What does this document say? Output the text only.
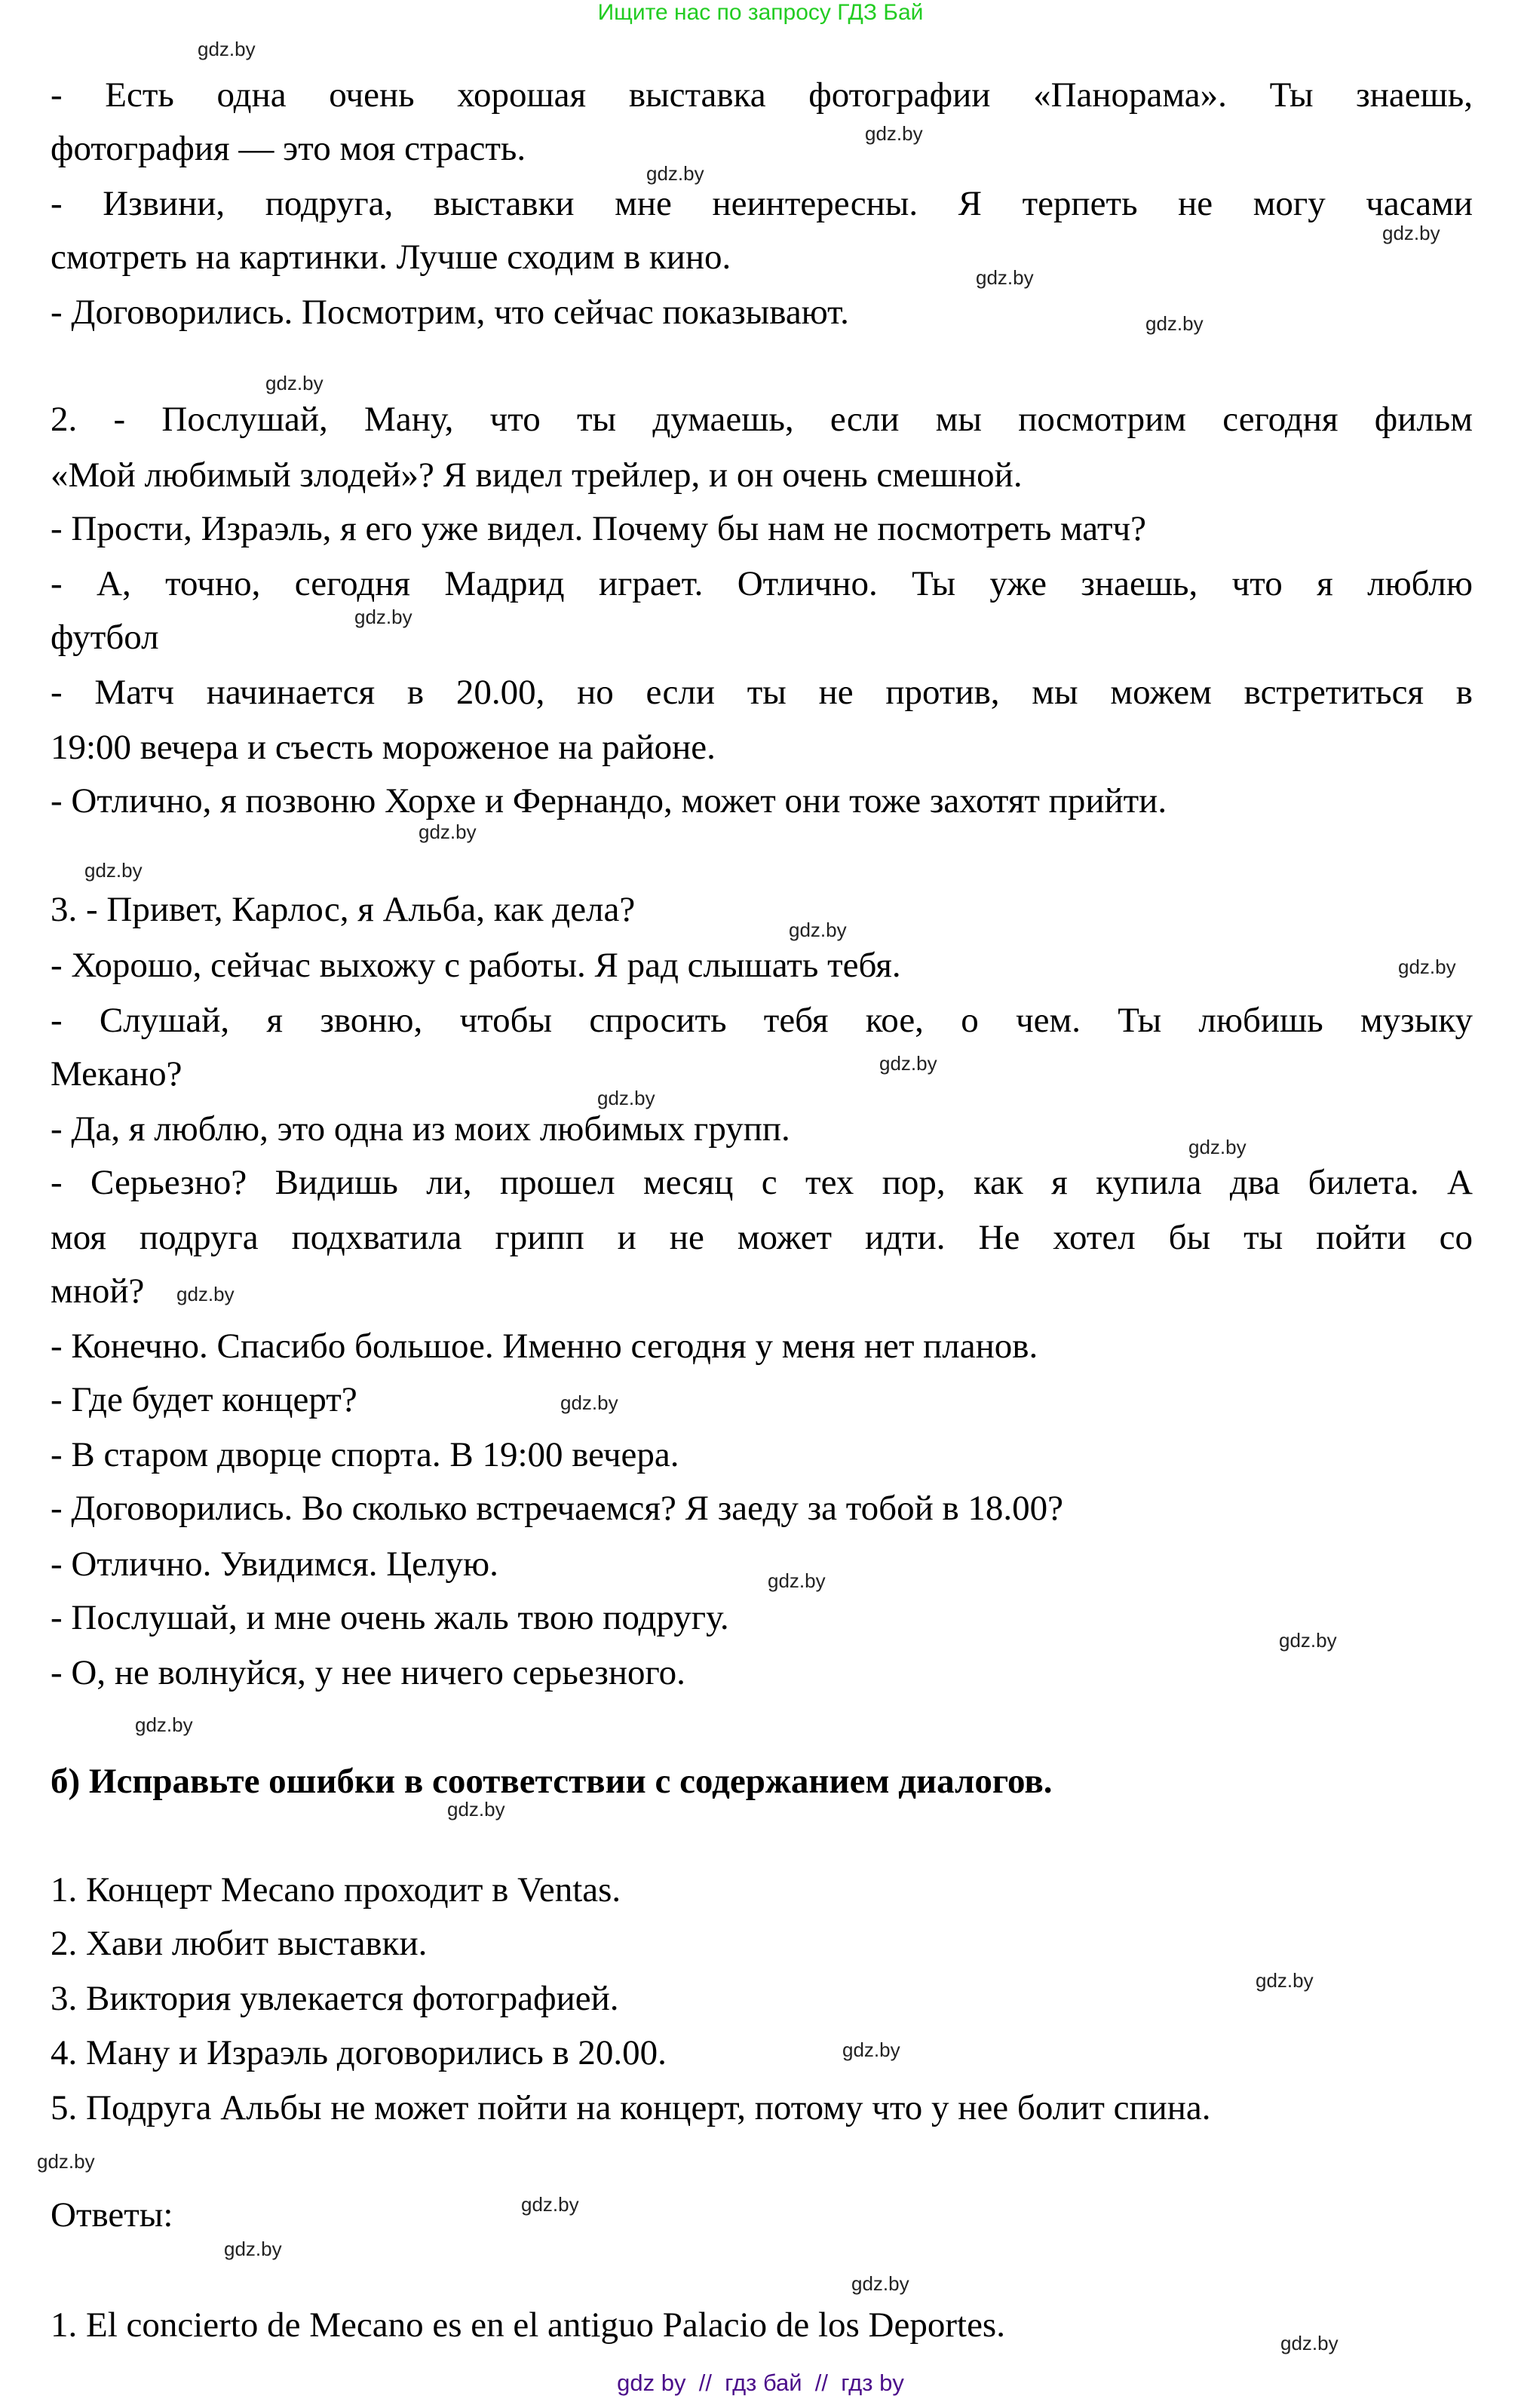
Ищите нас по запросу ГДЗ Бай
- Есть одна очень хорошая выставка фотографии «Панорама». Ты знаешь,
фотография — это моя страсть.
- Извини, подруга, выставки мне неинтересны. Я терпеть не могу часами
смотреть на картинки. Лучше сходим в кино.
- Договорились. Посмотрим, что сейчас показывают.
2. - Послушай, Ману, что ты думаешь, если мы посмотрим сегодня фильм
«Мой любимый злодей»? Я видел трейлер, и он очень смешной.
- Прости, Израэль, я его уже видел. Почему бы нам не посмотреть матч?
- А, точно, сегодня Мадрид играет. Отлично. Ты уже знаешь, что я люблю
футбол
- Матч начинается в 20.00, но если ты не против, мы можем встретиться в
19:00 вечера и съесть мороженое на районе.
- Отлично, я позвоню Хорхе и Фернандо, может они тоже захотят прийти.
3. - Привет, Карлос, я Альба, как дела?
- Хорошо, сейчас выхожу с работы. Я рад слышать тебя.
- Слушай, я звоню, чтобы спросить тебя кое, о чем. Ты любишь музыку
Мекано?
- Да, я люблю, это одна из моих любимых групп.
- Серьезно? Видишь ли, прошел месяц с тех пор, как я купила два билета. А
моя подруга подхватила грипп и не может идти. Не хотел бы ты пойти со
мной?
- Конечно. Спасибо большое. Именно сегодня у меня нет планов.
- Где будет концерт?
- В старом дворце спорта. В 19:00 вечера.
- Договорились. Во сколько встречаемся? Я заеду за тобой в 18.00?
- Отлично. Увидимся. Целую.
- Послушай, и мне очень жаль твою подругу.
- О, не волнуйся, у нее ничего серьезного.
б) Исправьте ошибки в соответствии с содержанием диалогов.
1. Концерт Mecano проходит в Ventas.
2. Хави любит выставки.
3. Виктория увлекается фотографией.
4. Ману и Израэль договорились в 20.00.
5. Подруга Альбы не может пойти на концерт, потому что у нее болит спина.
Ответы:
1. El concierto de Mecano es en el antiguo Palacio de los Deportes.
gdz.by
gdz.by
gdz.by
gdz.by
gdz.by
gdz.by
gdz.by
gdz.by
gdz.by
gdz.by
gdz.by
gdz.by
gdz.by
gdz.by
gdz.by
gdz.by
gdz.by
gdz.by
gdz.by
gdz.by
gdz.by
gdz.by
gdz.by
gdz.by
gdz.by
gdz.by
gdz.by
gdz.by
gdz by  //  гдз бай  //  гдз by
